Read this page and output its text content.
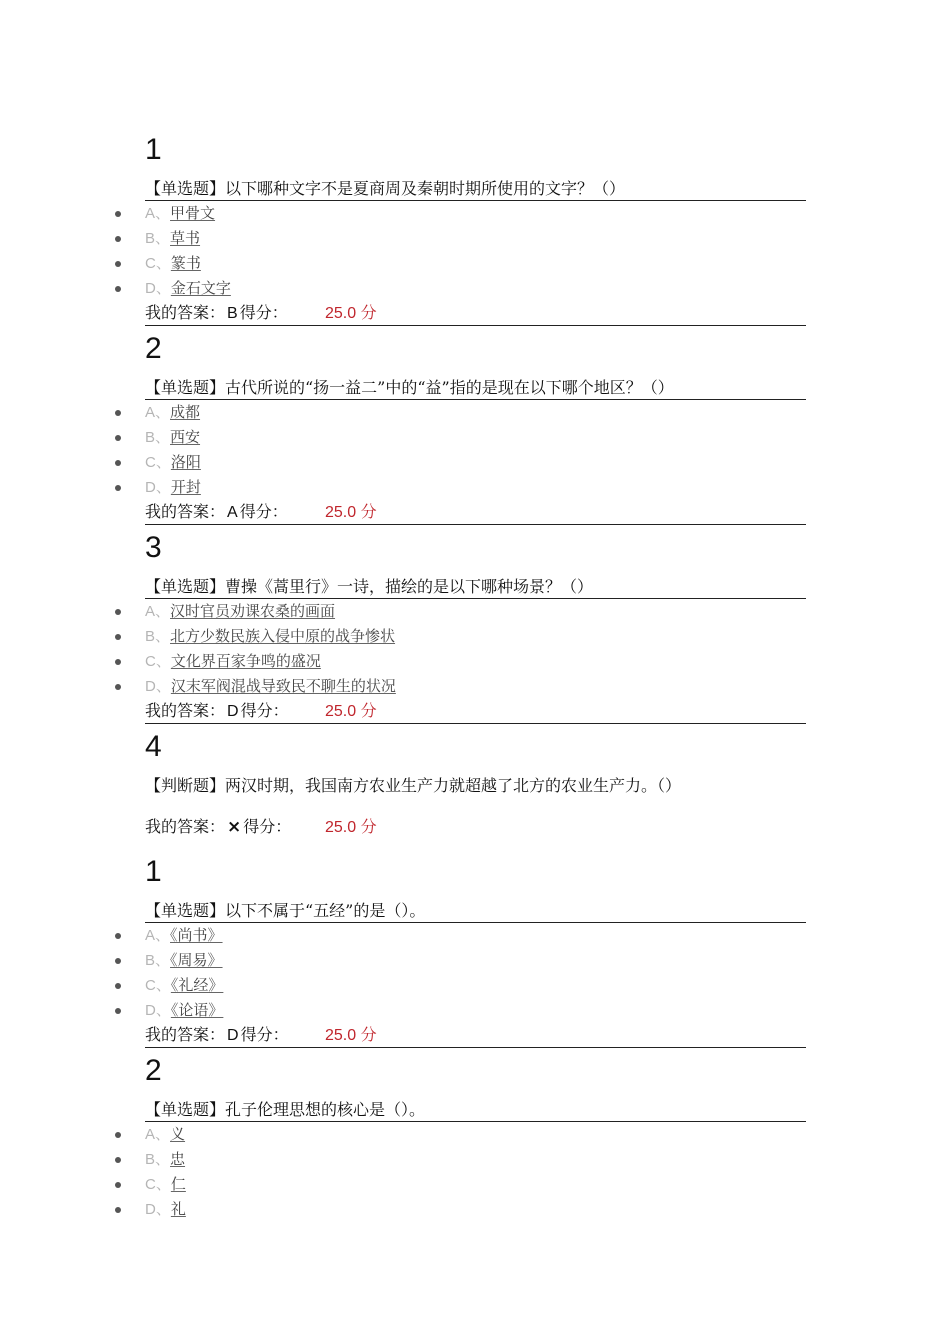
1
【单选题】以下哪种文字不是夏商周及秦朝时期所使用的文字？（）
A、甲骨文
B、草书
C、篆书
D、金石文字
我的答案： B 得分： 25.0 分
2
【单选题】古代所说的“扬一益二”中的“益”指的是现在以下哪个地区？（）
A、成都
B、西安
C、洛阳
D、开封
我的答案： A 得分： 25.0 分
3
【单选题】曹操《蒿里行》一诗，描绘的是以下哪种场景？（）
A、汉时官员劝课农桑的画面
B、北方少数民族入侵中原的战争惨状
C、文化界百家争鸣的盛况
D、汉末军阀混战导致民不聊生的状况
我的答案： D 得分： 25.0 分
4
【判断题】两汉时期，我国南方农业生产力就超越了北方的农业生产力。（）
我的答案： × 得分： 25.0 分
1
【单选题】以下不属于“五经”的是（）。
A、《尚书》
B、《周易》
C、《礼经》
D、《论语》
我的答案： D 得分： 25.0 分
2
【单选题】孔子伦理思想的核心是（）。
A、义
B、忠
C、仁
D、礼
